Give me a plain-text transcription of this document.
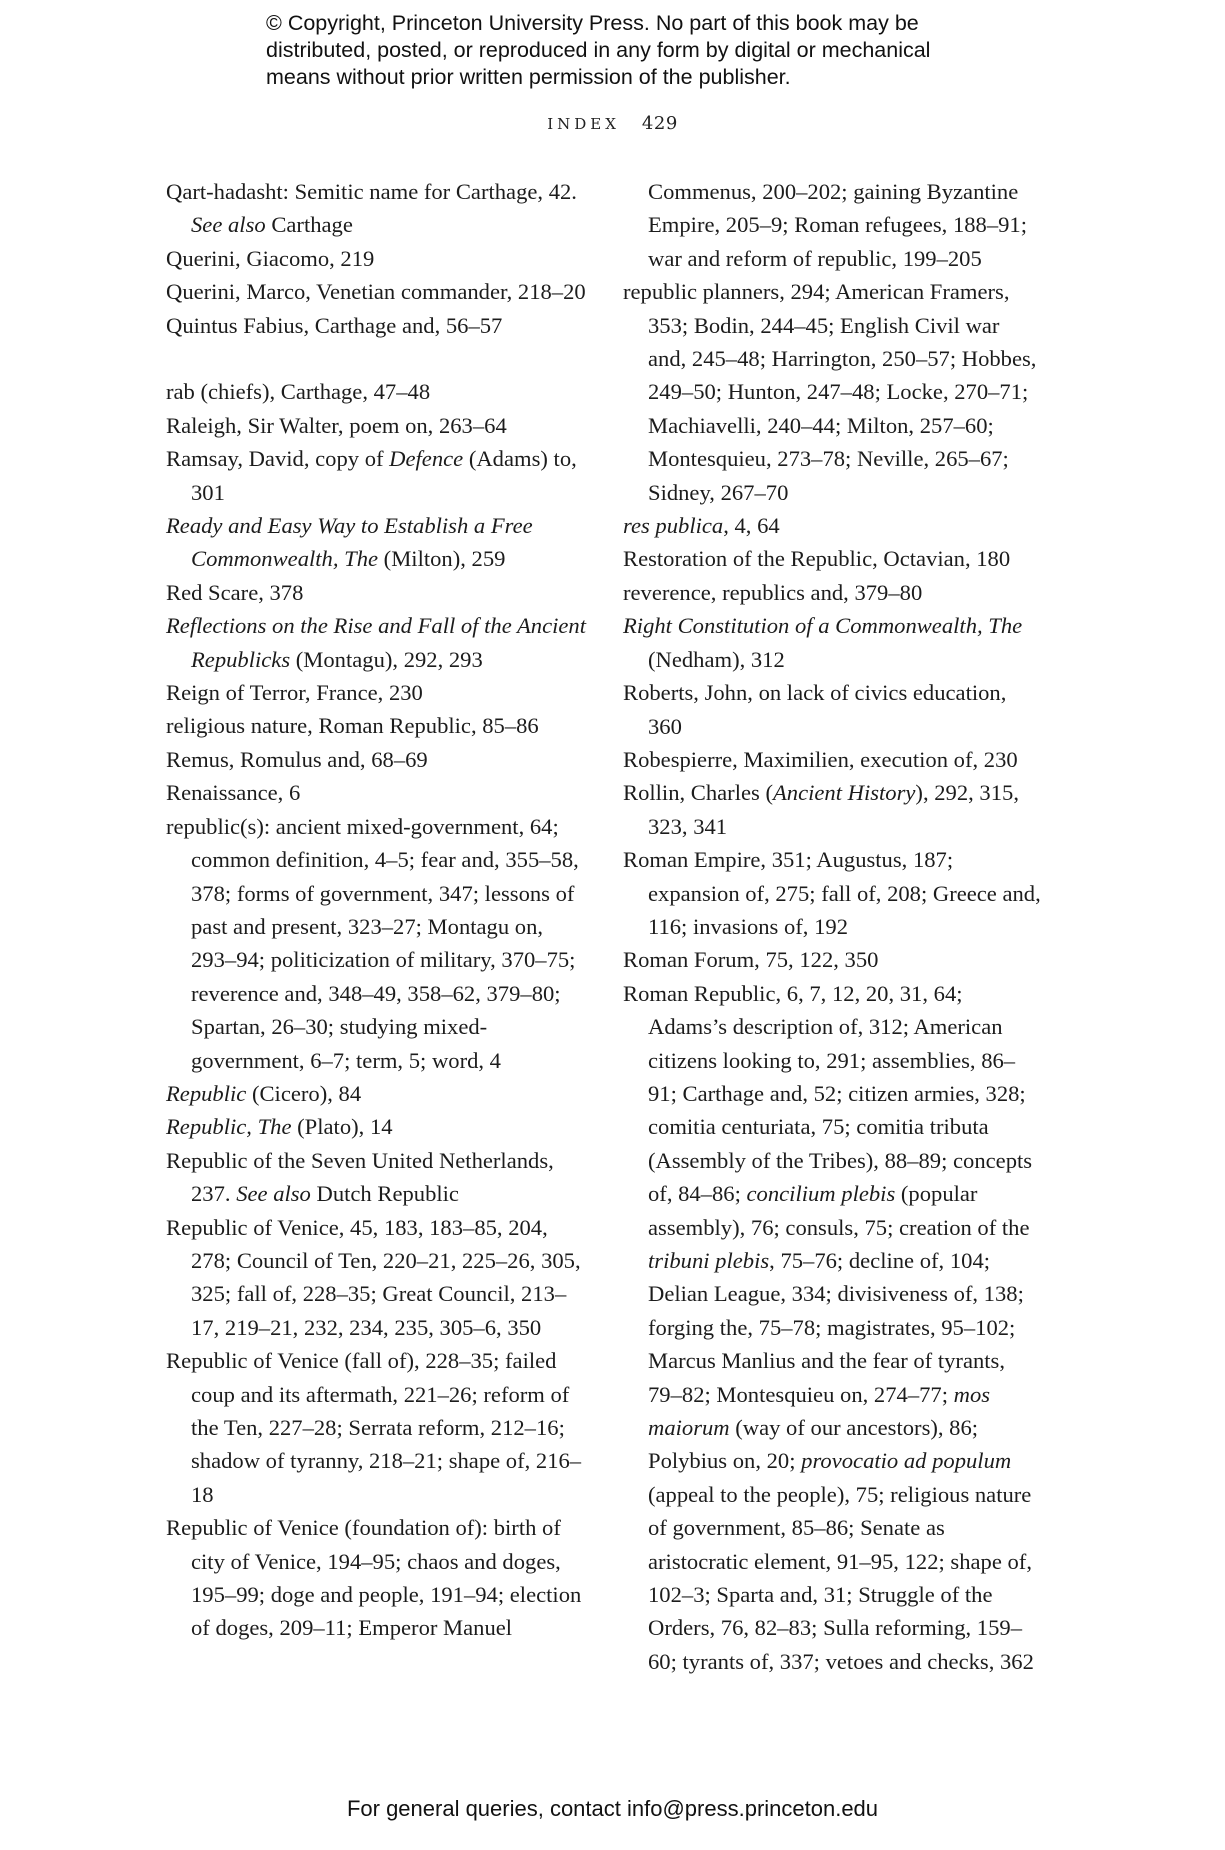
© Copyright, Princeton University Press. No part of this book may be distributed, posted, or reproduced in any form by digital or mechanical means without prior written permission of the publisher.
INDEX 429

Qart-hadasht: Semitic name for Carthage, 42. See also Carthage

Querini, Giacomo, 219

Querini, Marco, Venetian commander, 218–20

Quintus Fabius, Carthage and, 56–57

rab (chiefs), Carthage, 47–48

Raleigh, Sir Walter, poem on, 263–64

Ramsay, David, copy of Defence (Adams) to, 301

Ready and Easy Way to Establish a Free Commonwealth, The (Milton), 259

Red Scare, 378

Reflections on the Rise and Fall of the Ancient Republicks (Montagu), 292, 293

Reign of Terror, France, 230

religious nature, Roman Republic, 85–86

Remus, Romulus and, 68–69

Renaissance, 6

republic(s): ancient mixed-government, 64; common definition, 4–5; fear and, 355–58, 378; forms of government, 347; lessons of past and present, 323–27; Montagu on, 293–94; politicization of military, 370–75; reverence and, 348–49, 358–62, 379–80; Spartan, 26–30; studying mixed-government, 6–7; term, 5; word, 4

Republic (Cicero), 84

Republic, The (Plato), 14

Republic of the Seven United Netherlands, 237. See also Dutch Republic

Republic of Venice, 45, 183, 183–85, 204, 278; Council of Ten, 220–21, 225–26, 305, 325; fall of, 228–35; Great Council, 213–17, 219–21, 232, 234, 235, 305–6, 350

Republic of Venice (fall of), 228–35; failed coup and its aftermath, 221–26; reform of the Ten, 227–28; Serrata reform, 212–16; shadow of tyranny, 218–21; shape of, 216–18

Republic of Venice (foundation of): birth of city of Venice, 194–95; chaos and doges, 195–99; doge and people, 191–94; election of doges, 209–11; Emperor Manuel

Commenus, 200–202; gaining Byzantine Empire, 205–9; Roman refugees, 188–91; war and reform of republic, 199–205

republic planners, 294; American Framers, 353; Bodin, 244–45; English Civil war and, 245–48; Harrington, 250–57; Hobbes, 249–50; Hunton, 247–48; Locke, 270–71; Machiavelli, 240–44; Milton, 257–60; Montesquieu, 273–78; Neville, 265–67; Sidney, 267–70

res publica, 4, 64

Restoration of the Republic, Octavian, 180

reverence, republics and, 379–80

Right Constitution of a Commonwealth, The (Nedham), 312

Roberts, John, on lack of civics education, 360

Robespierre, Maximilien, execution of, 230

Rollin, Charles (Ancient History), 292, 315, 323, 341

Roman Empire, 351; Augustus, 187; expansion of, 275; fall of, 208; Greece and, 116; invasions of, 192

Roman Forum, 75, 122, 350

Roman Republic, 6, 7, 12, 20, 31, 64; Adams’s description of, 312; American citizens looking to, 291; assemblies, 86–91; Carthage and, 52; citizen armies, 328; comitia centuriata, 75; comitia tributa (Assembly of the Tribes), 88–89; concepts of, 84–86; concilium plebis (popular assembly), 76; consuls, 75; creation of the tribuni plebis, 75–76; decline of, 104; Delian League, 334; divisiveness of, 138; forging the, 75–78; magistrates, 95–102; Marcus Manlius and the fear of tyrants, 79–82; Montesquieu on, 274–77; mos maiorum (way of our ancestors), 86; Polybius on, 20; provocatio ad populum (appeal to the people), 75; religious nature of government, 85–86; Senate as aristocratic element, 91–95, 122; shape of, 102–3; Sparta and, 31; Struggle of the Orders, 76, 82–83; Sulla reforming, 159–60; tyrants of, 337; vetoes and checks, 362

For general queries, contact info@press.princeton.edu
